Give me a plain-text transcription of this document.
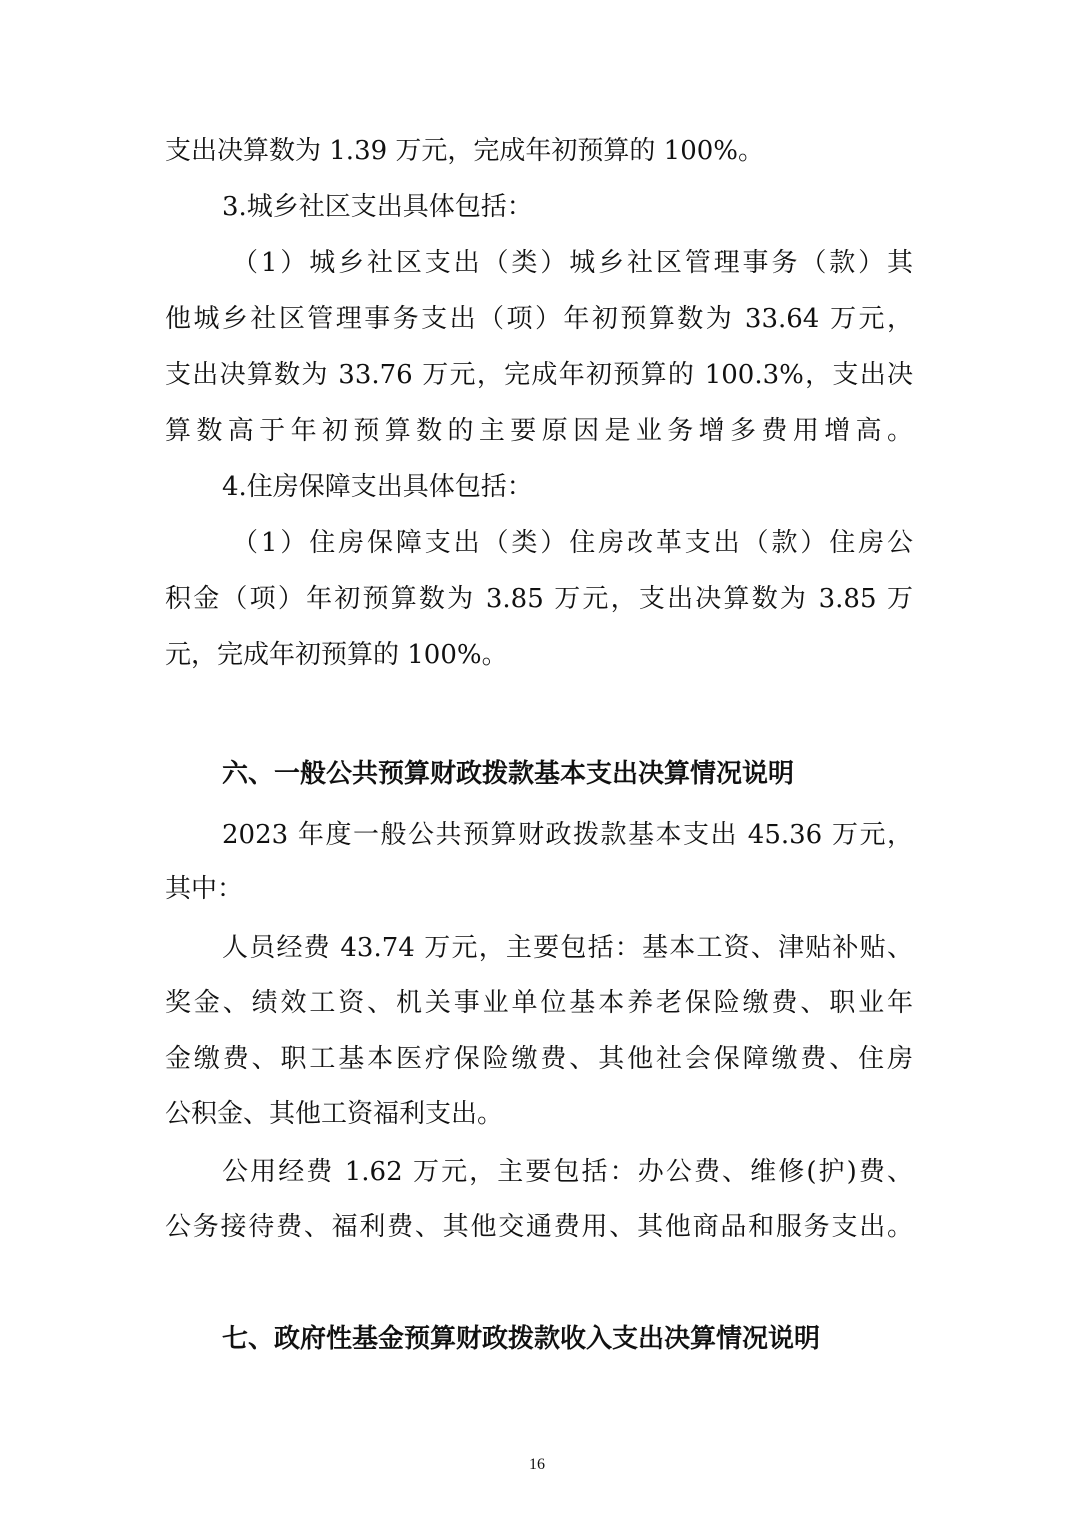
支出决算数为 1.39 万元，完成年初预算的 100%。
3.城乡社区支出具体包括：
（1）城乡社区支出（类）城乡社区管理事务（款）其
他城乡社区管理事务支出（项）年初预算数为 33.64 万元，
支出决算数为 33.76 万元，完成年初预算的 100.3%，支出决
算数高于年初预算数的主要原因是业务增多费用增高。
4.住房保障支出具体包括：
（1）住房保障支出（类）住房改革支出（款）住房公
积金（项）年初预算数为 3.85 万元，支出决算数为 3.85 万
元，完成年初预算的 100%。
六、一般公共预算财政拨款基本支出决算情况说明
2023 年度一般公共预算财政拨款基本支出 45.36 万元，
其中：
人员经费 43.74 万元，主要包括：基本工资、津贴补贴、
奖金、绩效工资、机关事业单位基本养老保险缴费、职业年
金缴费、职工基本医疗保险缴费、其他社会保障缴费、住房
公积金、其他工资福利支出。
公用经费 1.62 万元，主要包括：办公费、维修(护)费、
公务接待费、福利费、其他交通费用、其他商品和服务支出。
七、政府性基金预算财政拨款收入支出决算情况说明
16
